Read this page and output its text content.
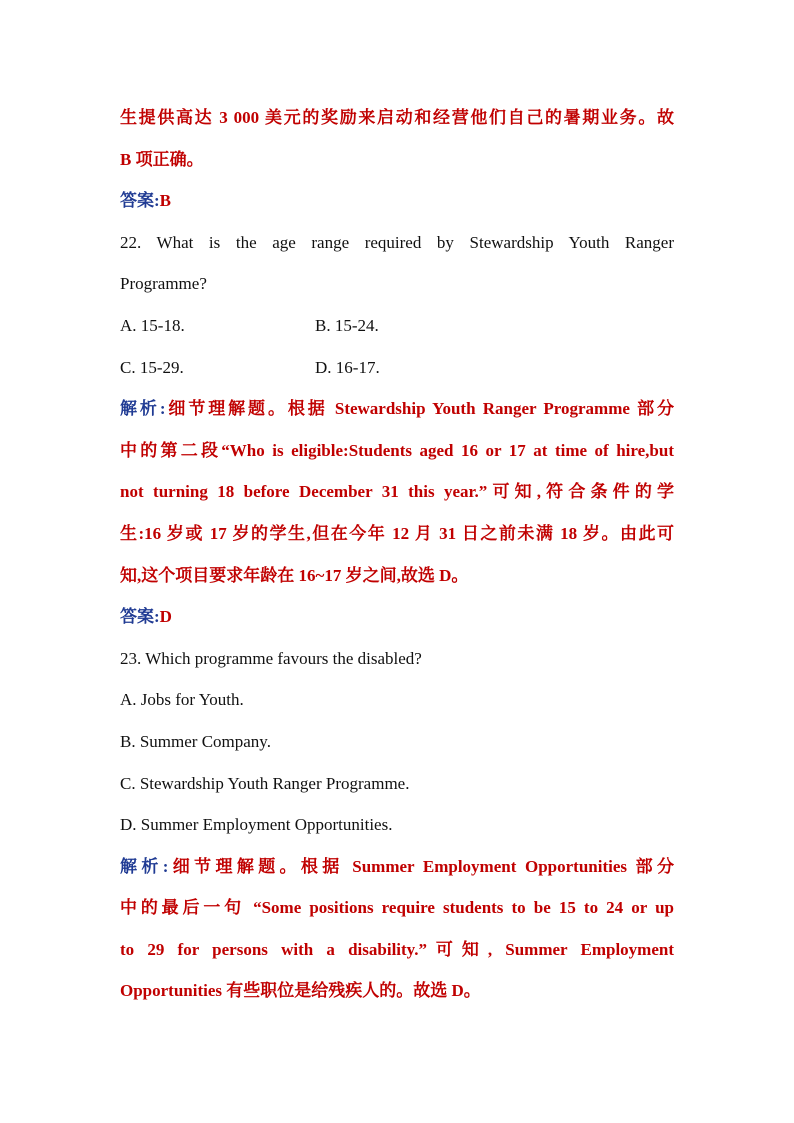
生提供高达 3 000 美元的奖励来启动和经营他们自己的暑期业务。故
B 项正确。
答案:B
22. What is the age range required by Stewardship Youth Ranger
Programme?
A. 15-18.	B. 15-24.
C. 15-29.	D. 16-17.
解析:细节理解题。根据 Stewardship Youth Ranger Programme 部分
中的第二段“Who is eligible:Students aged 16 or 17 at time of hire,but
not turning 18 before December 31 this year.”可知,符合条件的学
生:16 岁或 17 岁的学生,但在今年 12 月 31 日之前未满 18 岁。由此可
知,这个项目要求年龄在 16~17 岁之间,故选 D。
答案:D
23. Which programme favours the disabled?
A. Jobs for Youth.
B. Summer Company.
C. Stewardship Youth Ranger Programme.
D. Summer Employment Opportunities.
解析:细节理解题。根据 Summer Employment Opportunities 部分
中的最后一句 “Some positions require students to be 15 to 24 or up
to 29 for persons with a disability.”可知, Summer Employment
Opportunities 有些职位是给残疾人的。故选 D。
